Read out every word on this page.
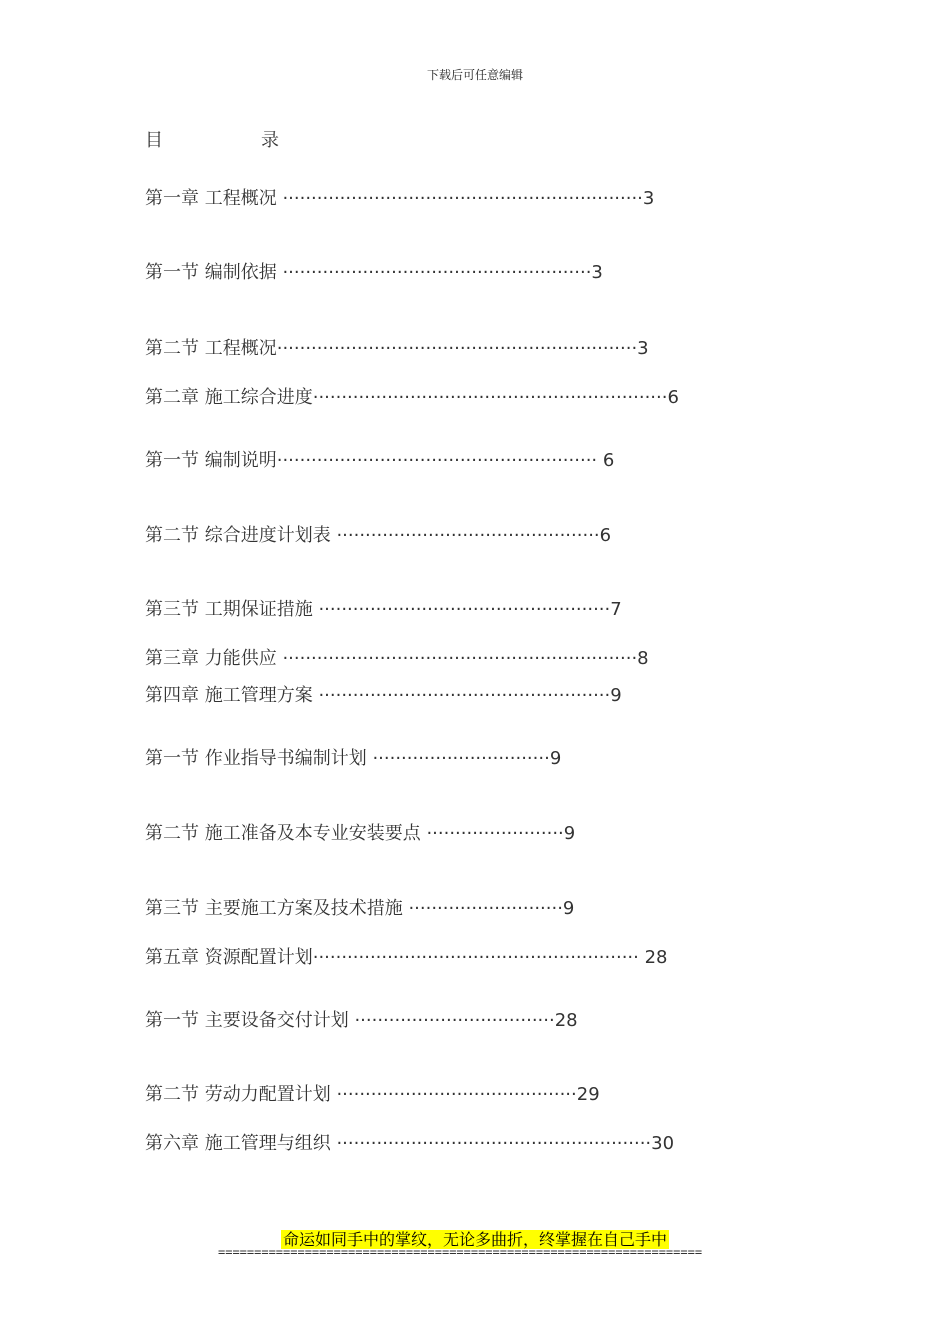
下载后可任意编辑
目	录
第一章 工程概况 ·······························································3
第一节 编制依据 ······················································3
第二节 工程概况·······························································3
第二章 施工综合进度······························································6
第一节 编制说明························································ 6
第二节 综合进度计划表 ··············································6
第三节 工期保证措施 ···················································7
第三章 力能供应 ······························································8
第四章 施工管理方案 ···················································9
第一节 作业指导书编制计划 ·······························9
第二节 施工准备及本专业安装要点 ························9
第三节 主要施工方案及技术措施 ···························9
第五章 资源配置计划························································· 28
第一节 主要设备交付计划 ···································28
第二节 劳动力配置计划 ··········································29
第六章 施工管理与组织 ·······················································30
命运如同手中的掌纹，无论多曲折，终掌握在自己手中
===================================================================
